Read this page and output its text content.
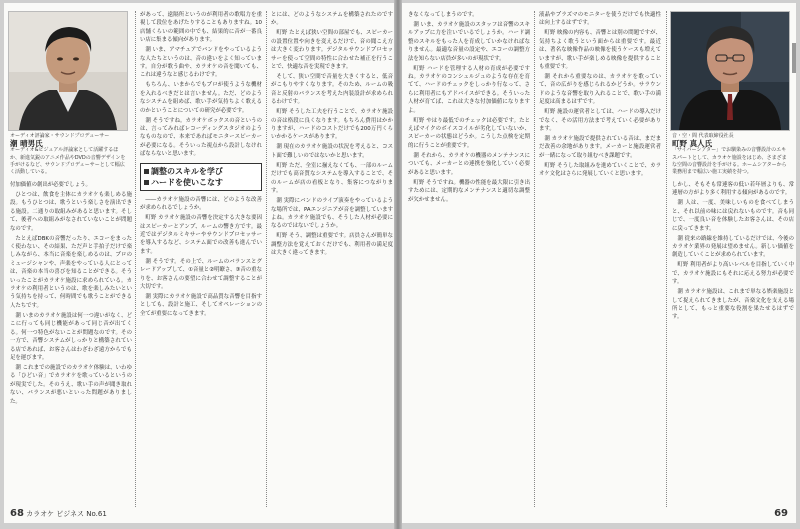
オーディオ評論家・サウンドプロデューサー
潮 晴男氏
オーディオ&ビジュアル評論家として活躍するほか、新進気鋭のアニメ作品やDVDの音響デザインを手がけるなど、サウンドプロデューサーとして幅広く活動している。

付加価値の創出が必要でしょう。

ひとつは、飲食を主体にカラオケも楽しめる施設。もうひとつは、歌うという楽しさを演出できる施設。二通りの取組みがあると思います。そして、後者への取組みがなされていないことが問題なのです。

たとえばDBKの音響だったり、エコーをまったく使わない、その結果、ただ声と手拍子だけで楽しみながら、本当に音楽を楽しめるのは、プロのミュージシャンや、声楽をやっている人にとっては、音楽の本当の喜びを知ることができる。そういったことがカラオケ施設に求められている。カラオケの利用者というのは、歌を楽しみたいという気持ちを持って、何時間でも歌うことができる人たちです。

潮 いまのカラオケ施設は何一つ違いがなく、どこに行っても同じ機能があって同じ音が出てくる。何一つ特色がないことが問題なのです。その一方で、音響システムがしっかりと構築されている店であれば、お客さんはわざわざ遠方からでも足を運びます。

潮 これまでの施設でのカラオケ体験は、いわゆる「ひどい音」でカラオケを歌っているというのが現実でした。そのうえ、歌い手の声が聞き取れない、バランスが悪いといった問題がありました。

があって、遠隔所というのが利用者の歌唱力を重視して段位をあげたりすることもありますね。10店舗くらいの範囲の中でも、結果的に音が一番良い店に集まる傾向があります。

潮 いま、アマチュアでバンドをやっているような人たちというのは、音の違いをよく知っています。自分が歌う曲や、カラオケの音を聞いても、これは違うなと感じるわけです。

もちろん、いまからでもプロが使うような機材を入れるべきだとは言いません。ただ、どのようなシステムを組めば、歌い手が気持ちよく歌えるのかということについての研究が必要です。

潮 そうですね。カラオケボックスの音というのは、言ってみればレコーディングスタジオのようなものなので、本来であればモニタースピーカーが必要になる。そういった視点から設計しなければならないと思います。

調整のスキルを学び
ハードを使いこなす

――カラオケ施設の音響には、どのような改善が求められるでしょうか。

町野 カラオケ施設の音響を決定する大きな要因はスピーカーとアンプ、ルームの響き方です。最近ではデジタルミキサーやサウンドプロセッサーを導入するなど、システム面での改善も進んでいます。

潮 そうです。その上で、ルームのバランスとグレードアップして、①音量と②明瞭さ、③音の重なりを、お客さんの要望に合わせて調整することが大切です。

潮 実際にカラオケ施設で高品質な音響を目指すとしても、設計と施工、そしてオペレーションの全てが重要になってきます。

とには、どのようなシステムを構築されたのですか。

町野 たとえば狭い空間の部屋でも、スピーカーの設置位置や向きを変えるだけで、音の聞こえ方は大きく変わります。デジタルサウンドプロセッサーを使って空間の特性に合わせた補正を行うことで、快適な音を実現できます。

そして、狭い空間で音量を大きくすると、低音がこもりやすくなります。そのため、ルームの吸音と反射のバランスを考えた内装設計が求められるわけです。

町野 そうした工夫を行うことで、カラオケ施設の音は格段に良くなります。もちろん費用はかかりますが、ハードのコストだけでも200万円くらいかかるケースがあります。

潮 現在のカラオケ施設の状況を考えると、コスト面で難しいのではないかと思います。

町野 ただ、全室に揃えなくても、一部のルームだけでも高音質なシステムを導入することで、そのルームが店の看板となり、集客につながります。

潮 実際にバンドのライブ演奏をやっているような場所では、PAエンジニアが音を調整していますよね。カラオケ施設でも、そうした人材が必要になるのではないでしょうか。

町野 そう、調整は重要です。店員さんが簡単な調整方法を覚えておくだけでも、利用者の満足度は大きく違ってきます。

68 カラオケ ビジネス No.61

きなくなってしまうのです。

潮 いま、カラオケ施設のスタッフは音響のスキルアップに力を注いでいるでしょうか。ハード調整のスキルをもった人を育成していかなければなりません。最適な音量の設定や、エコーの調整方法を知らない店員が多いのが現状です。

町野 ハードを管理する人材の育成が必要ですね。カラオケのコンシェルジュのような存在を育てて、ハードのチェックをしっかり行なって、さらに利用者にもアドバイスができる。そういった人材が育てば、これは大きな付加価値になりますよ。

町野 やはり最低でのチェックは必要です。たとえばマイクのボイスコイルが劣化していないか、スピーカーの状態はどうか。こうした点検を定期的に行うことが重要です。

潮 それから、カラオケの機器のメンテナンスについても、メーカーとの連携を強化していく必要があると思います。

町野 そうですね。機器の性能を最大限に引き出すためには、定期的なメンテナンスと適切な調整が欠かせません。

液晶やプラズマのモニターを使うだけでも快適性は向上するはずです。

町野 映像の内容も、音響とは別の問題ですが、気持ちよく歌うという面からは重要です。最近は、著名な映像作品の映像を使うケースも増えていますが、歌い手が楽しめる映像を提供することも重要です。

潮 それから重要なのは、カラオケを歌っていて、音の広がりを感じられるかどうか。サラウンドのような音響を取り入れることで、歌い手の満足度は高まるはずです。

町野 施設の運営者としては、ハードの導入だけでなく、その活用方法まで考えていく必要があります。

潮 カラオケ施設で提供されている音は、まだまだ改善の余地があります。メーカーと施設運営者が一緒になって取り組むべき課題です。

町野 そうした取組みを進めていくことで、カラオケ文化はさらに発展していくと思います。

音・空・間 代表取締役社長
町野 真人氏
「サイバーシアター」でお馴染みの音響設計のエキスパートとして、カラオケ施設をはじめ、さまざまな空間の音響設計を手がける。ホームシアターから業務用まで幅広い施工実績を持つ。

しかし、そもそも常連客の低い若年層よりも、常連層の方がより多く利用する傾向があるのです。

潮 人は、一度、美味しいものを食べてしまうと、それ以前の味には戻れないものです。音も同じで、一度良い音を体験したお客さんは、その店に戻ってきます。

潮 従来の路線を維持しているだけでは、今後のカラオケ業界の発展は望めません。新しい価値を創造していくことが求められています。

町野 利用者がより高いレベルを目指していく中で、カラオケ施設にもそれに応える努力が必要です。

潮 カラオケ施設は、これまで単なる娯楽施設として捉えられてきましたが、音楽文化を支える場所として、もっと重要な役割を果たせるはずです。

69
